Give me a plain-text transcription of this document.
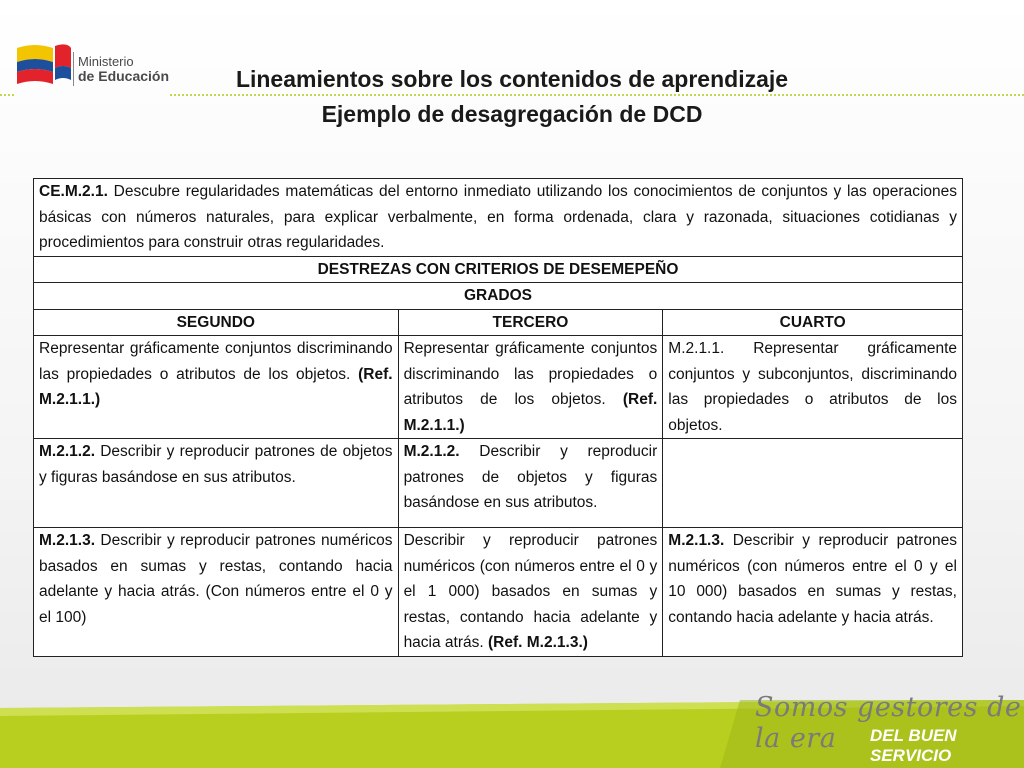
Ministerio
de Educación	Lineamientos sobre los contenidos de aprendizaje
Ejemplo de desagregación de DCD
CE.M.2.1. Descubre regularidades matemáticas del entorno inmediato utilizando los conocimientos de conjuntos y las operaciones básicas con números naturales, para explicar verbalmente, en forma ordenada, clara y razonada, situaciones cotidianas y procedimientos para construir otras regularidades.		
DESTREZAS CON CRITERIOS DE DESEMEPEÑO		
GRADOS		
SEGUNDO	TERCERO	CUARTO
Representar gráficamente conjuntos discriminando las propiedades o atributos de los objetos. (Ref. M.2.1.1.)	Representar gráficamente conjuntos discriminando las propiedades o atributos de los objetos. (Ref. M.2.1.1.)	M.2.1.1. Representar gráficamente conjuntos y subconjuntos, discriminando las propiedades o atributos de los objetos.
M.2.1.2. Describir y reproducir patrones de objetos y figuras basándose en sus atributos.	M.2.1.2. Describir y reproducir patrones de objetos y figuras basándose en sus atributos.	
M.2.1.3. Describir y reproducir patrones numéricos basados en sumas y restas, contando hacia adelante y hacia atrás. (Con números entre el 0 y el 100)	Describir y reproducir patrones numéricos (con números entre el 0 y el 1 000) basados en sumas y restas, contando hacia adelante y hacia atrás. (Ref. M.2.1.3.)	M.2.1.3. Describir y reproducir patrones numéricos (con números entre el 0 y el 10 000) basados en sumas y restas, contando hacia adelante y hacia atrás.
Somos gestores de la era	DEL BUEN SERVICIO
